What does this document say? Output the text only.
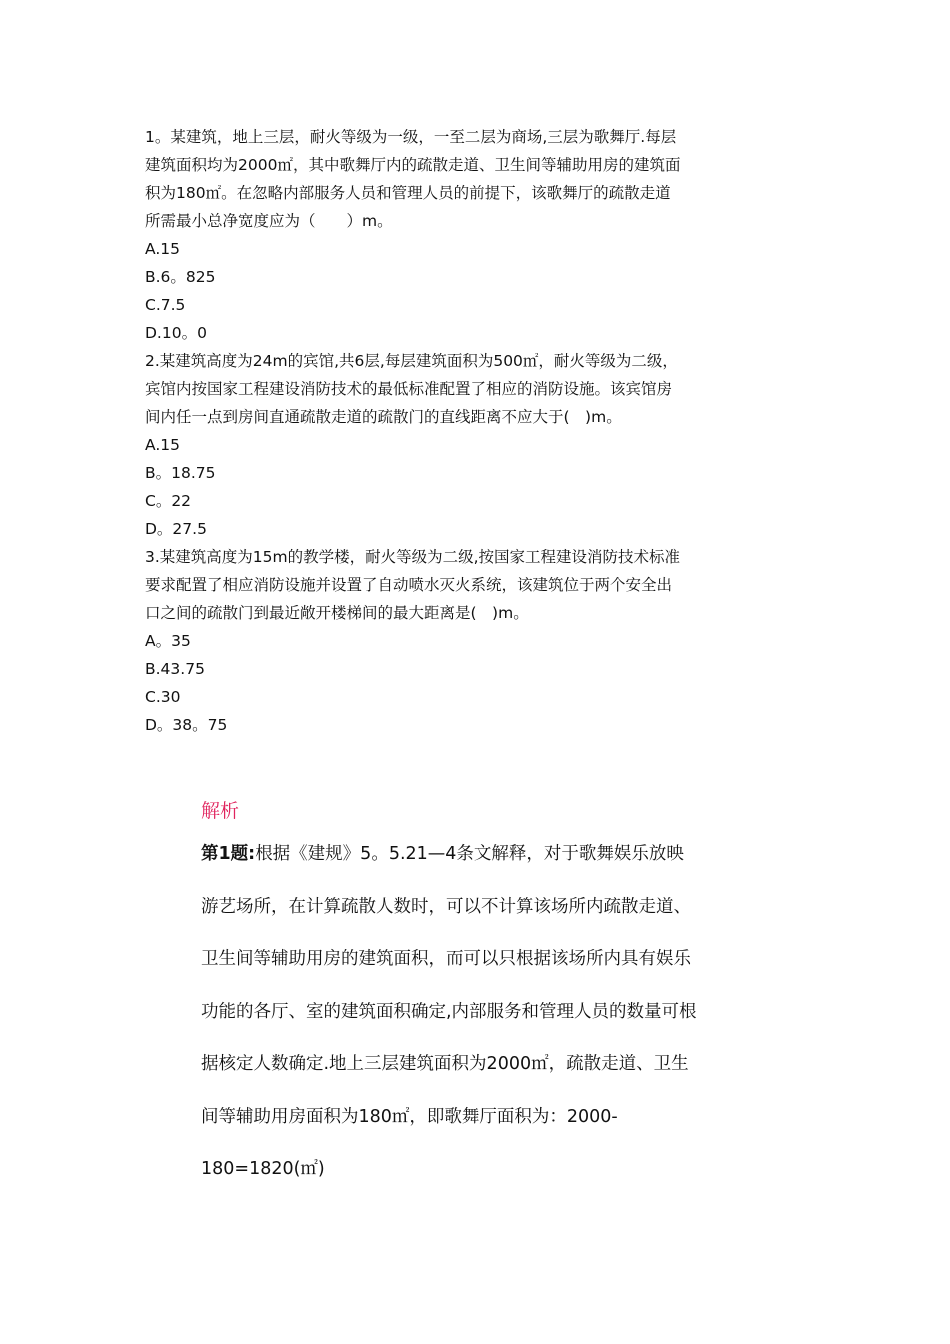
1。某建筑，地上三层，耐火等级为一级，一至二层为商场,三层为歌舞厅.每层

建筑面积均为2000㎡，其中歌舞厅内的疏散走道、卫生间等辅助用房的建筑面

积为180㎡。在忽略内部服务人员和管理人员的前提下，该歌舞厅的疏散走道

所需最小总净宽度应为（　　）m。

A.15

B.6。825

C.7.5

D.10。0

2.某建筑高度为24m的宾馆,共6层,每层建筑面积为500㎡，耐火等级为二级，

宾馆内按国家工程建设消防技术的最低标准配置了相应的消防设施。该宾馆房

间内任一点到房间直通疏散走道的疏散门的直线距离不应大于(　)m。

A.15

B。18.75

C。22

D。27.5

3.某建筑高度为15m的教学楼，耐火等级为二级,按国家工程建设消防技术标准

要求配置了相应消防设施并设置了自动喷水灭火系统，该建筑位于两个安全出

口之间的疏散门到最近敞开楼梯间的最大距离是(　)m。

A。35

B.43.75

C.30

D。38。75

解析

第1题:根据《建规》5。5.21—4条文解释，对于歌舞娱乐放映

游艺场所，在计算疏散人数时，可以不计算该场所内疏散走道、

卫生间等辅助用房的建筑面积，而可以只根据该场所内具有娱乐

功能的各厅、室的建筑面积确定,内部服务和管理人员的数量可根

据核定人数确定.地上三层建筑面积为2000㎡，疏散走道、卫生

间等辅助用房面积为180㎡，即歌舞厅面积为：2000-

180=1820(㎡)
